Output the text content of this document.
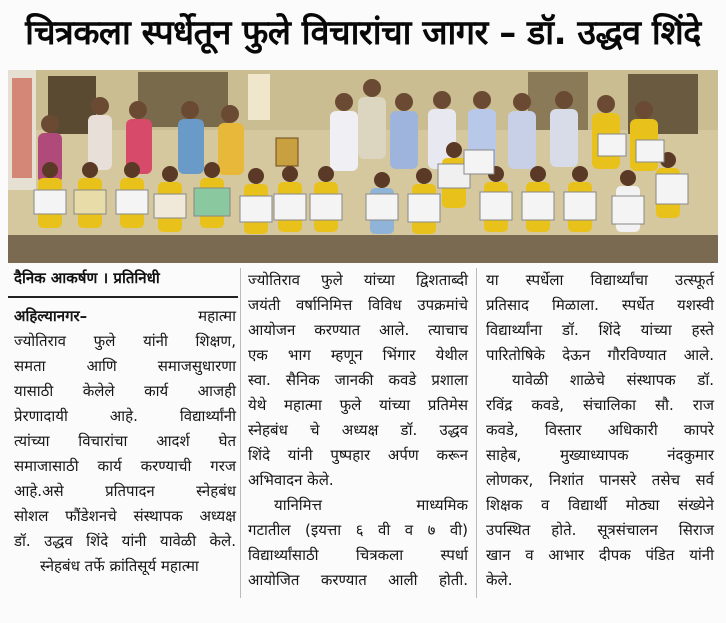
चित्रकला स्पर्धेतून फुले विचारांचा जागर – डॉ. उद्धव शिंदे
दैनिक आकर्षण । प्रतिनिधी

अहिल्यानगर–	महात्मा

ज्योतिराव फुले यांनी शिक्षण,

समता आणि समाजसुधारणा

यासाठी केलेले कार्य आजही

प्रेरणादायी आहे. विद्यार्थ्यांनी

त्यांच्या विचारांचा आदर्श घेत

समाजासाठी कार्य करण्याची गरज

आहे.असे प्रतिपादन स्नेहबंध

सोशल फौंडेशनचे संस्थापक अध्यक्ष

डॉ. उद्धव शिंदे यांनी यावेळी केले.

स्नेहबंध तर्फे क्रांतिसूर्य महात्मा

ज्योतिराव फुले यांच्या द्विशताब्दी

जयंती वर्षानिमित्त विविध उपक्रमांचे

आयोजन करण्यात आले. त्याचाच

एक भाग म्हणून भिंगार येथील

स्वा. सैनिक जानकी कवडे प्रशाला

येथे महात्मा फुले यांच्या प्रतिमेस

स्नेहबंध चे अध्यक्ष डॉ. उद्धव

शिंदे यांनी पुष्पहार अर्पण करून

अभिवादन केले.

यानिमित्त माध्यमिक

गटातील (इयत्ता ६ वी व ७ वी)

विद्यार्थ्यांसाठी चित्रकला स्पर्धा

आयोजित करण्यात आली होती.

या स्पर्धेला विद्यार्थ्यांचा उत्स्फूर्त

प्रतिसाद मिळाला. स्पर्धेत यशस्वी

विद्यार्थ्यांना डॉ. शिंदे यांच्या हस्ते

पारितोषिके देऊन गौरविण्यात आले.

यावेळी शाळेचे संस्थापक डॉ.

रविंद्र कवडे, संचालिका सौ. राज

कवडे, विस्तार अधिकारी कापरे

साहेब, मुख्याध्यापक नंदकुमार

लोणकर, निशांत पानसरे तसेच सर्व

शिक्षक व विद्यार्थी मोठ्या संख्येने

उपस्थित होते. सूत्रसंचालन सिराज

खान व आभार दीपक पंडित यांनी

केले.
